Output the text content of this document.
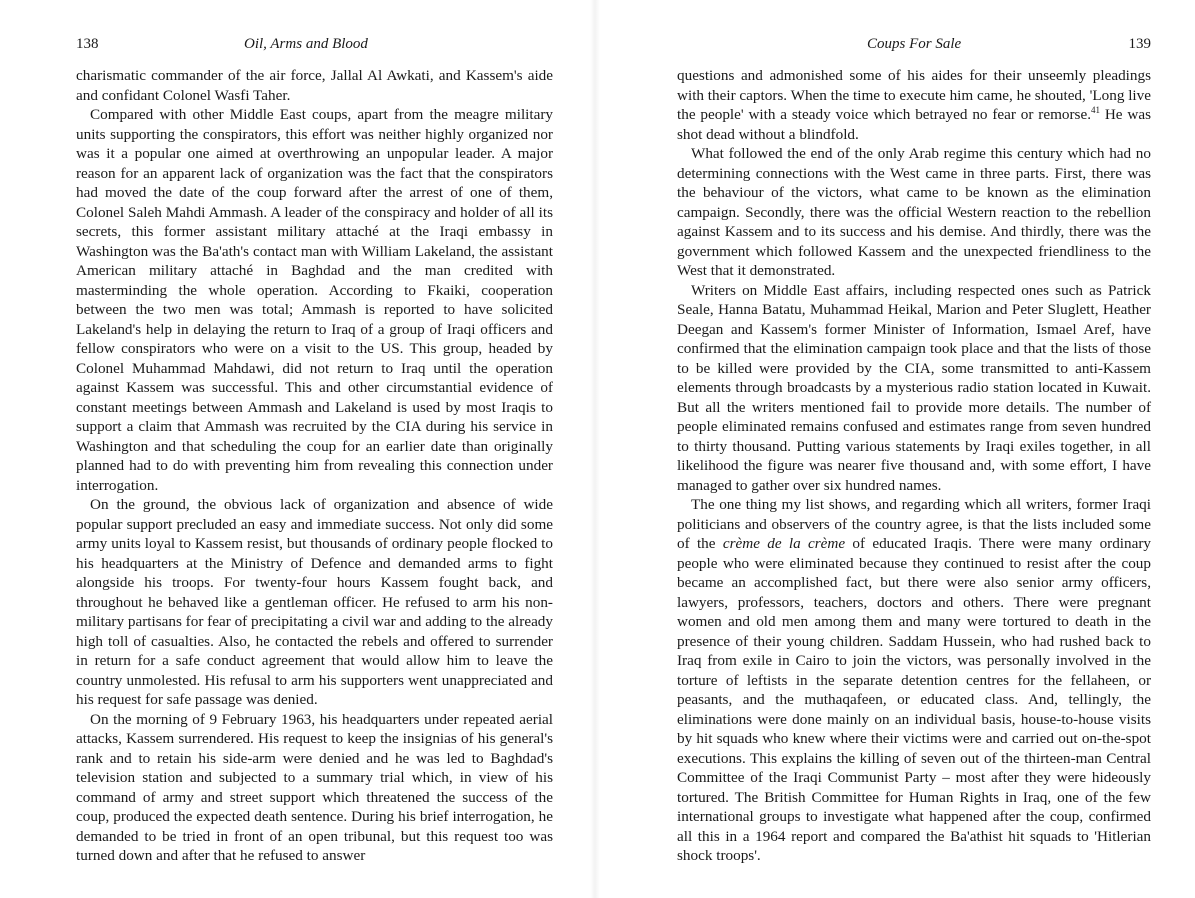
138	Oil, Arms and Blood

charismatic commander of the air force, Jallal Al Awkati, and Kassem's aide and confidant Colonel Wasfi Taher.

Compared with other Middle East coups, apart from the meagre military units supporting the conspirators, this effort was neither highly organized nor was it a popular one aimed at overthrowing an unpopular leader. A major reason for an apparent lack of organization was the fact that the conspirators had moved the date of the coup forward after the arrest of one of them, Colonel Saleh Mahdi Ammash. A leader of the conspiracy and holder of all its secrets, this former assistant military attaché at the Iraqi embassy in Washington was the Ba'ath's contact man with William Lakeland, the assistant American military attaché in Baghdad and the man credited with masterminding the whole operation. According to Fkaiki, cooperation between the two men was total; Ammash is reported to have solicited Lakeland's help in delaying the return to Iraq of a group of Iraqi officers and fellow conspirators who were on a visit to the US. This group, headed by Colonel Muhammad Mahdawi, did not return to Iraq until the operation against Kassem was successful. This and other circumstantial evidence of constant meetings between Ammash and Lakeland is used by most Iraqis to support a claim that Ammash was recruited by the CIA during his service in Washington and that scheduling the coup for an earlier date than originally planned had to do with preventing him from revealing this connection under interrogation.

On the ground, the obvious lack of organization and absence of wide popular support precluded an easy and immediate success. Not only did some army units loyal to Kassem resist, but thousands of ordinary people flocked to his headquarters at the Ministry of Defence and demanded arms to fight alongside his troops. For twenty-four hours Kassem fought back, and throughout he behaved like a gentleman officer. He refused to arm his non-military partisans for fear of precipitating a civil war and adding to the already high toll of casualties. Also, he contacted the rebels and offered to surrender in return for a safe conduct agreement that would allow him to leave the country unmolested. His refusal to arm his supporters went unappreciated and his request for safe passage was denied.

On the morning of 9 February 1963, his headquarters under repeated aerial attacks, Kassem surrendered. His request to keep the insignias of his general's rank and to retain his side-arm were denied and he was led to Baghdad's television station and subjected to a summary trial which, in view of his command of army and street support which threatened the success of the coup, produced the expected death sentence. During his brief interrogation, he demanded to be tried in front of an open tribunal, but this request too was turned down and after that he refused to answer

Coups For Sale	139

questions and admonished some of his aides for their unseemly pleadings with their captors. When the time to execute him came, he shouted, 'Long live the people' with a steady voice which betrayed no fear or remorse.$^{41}$ He was shot dead without a blindfold.

What followed the end of the only Arab regime this century which had no determining connections with the West came in three parts. First, there was the behaviour of the victors, what came to be known as the elimination campaign. Secondly, there was the official Western reaction to the rebellion against Kassem and to its success and his demise. And thirdly, there was the government which followed Kassem and the unexpected friendliness to the West that it demonstrated.

Writers on Middle East affairs, including respected ones such as Patrick Seale, Hanna Batatu, Muhammad Heikal, Marion and Peter Sluglett, Heather Deegan and Kassem's former Minister of Information, Ismael Aref, have confirmed that the elimination campaign took place and that the lists of those to be killed were provided by the CIA, some transmitted to anti-Kassem elements through broadcasts by a mysterious radio station located in Kuwait. But all the writers mentioned fail to provide more details. The number of people eliminated remains confused and estimates range from seven hundred to thirty thousand. Putting various statements by Iraqi exiles together, in all likelihood the figure was nearer five thousand and, with some effort, I have managed to gather over six hundred names.

The one thing my list shows, and regarding which all writers, former Iraqi politicians and observers of the country agree, is that the lists included some of the crème de la crème of educated Iraqis. There were many ordinary people who were eliminated because they continued to resist after the coup became an accomplished fact, but there were also senior army officers, lawyers, professors, teachers, doctors and others. There were pregnant women and old men among them and many were tortured to death in the presence of their young children. Saddam Hussein, who had rushed back to Iraq from exile in Cairo to join the victors, was personally involved in the torture of leftists in the separate detention centres for the fellaheen, or peasants, and the muthaqafeen, or educated class. And, tellingly, the eliminations were done mainly on an individual basis, house-to-house visits by hit squads who knew where their victims were and carried out on-the-spot executions. This explains the killing of seven out of the thirteen-man Central Committee of the Iraqi Communist Party – most after they were hideously tortured. The British Committee for Human Rights in Iraq, one of the few international groups to investigate what happened after the coup, confirmed all this in a 1964 report and compared the Ba'athist hit squads to 'Hitlerian shock troops'.
